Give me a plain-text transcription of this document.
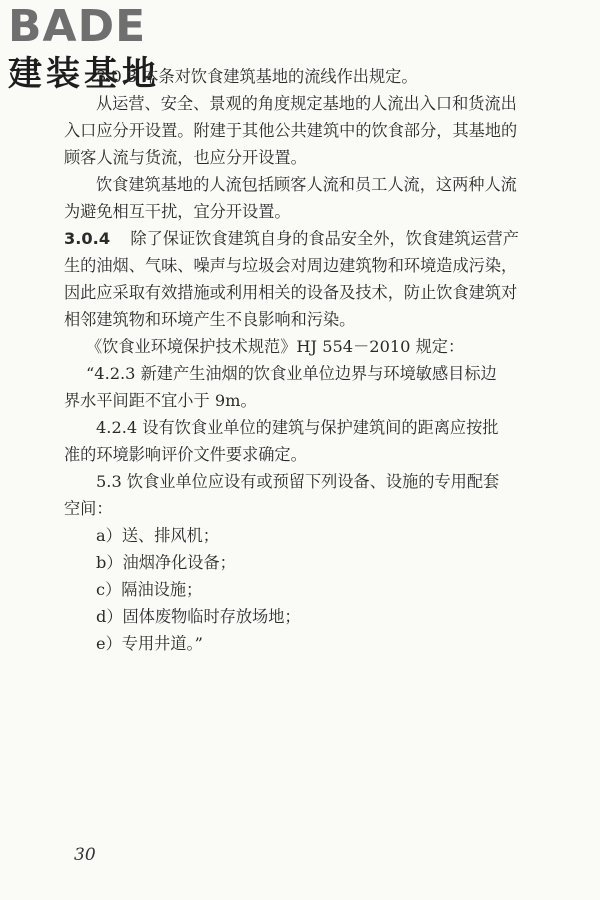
BADE
建装基地
3.0.3 本条对饮食建筑基地的流线作出规定。
从运营、安全、景观的角度规定基地的人流出入口和货流出
入口应分开设置。附建于其他公共建筑中的饮食部分，其基地的
顾客人流与货流，也应分开设置。
饮食建筑基地的人流包括顾客人流和员工人流，这两种人流
为避免相互干扰，宜分开设置。
3.0.4 除了保证饮食建筑自身的食品安全外，饮食建筑运营产
生的油烟、气味、噪声与垃圾会对周边建筑物和环境造成污染，
因此应采取有效措施或利用相关的设备及技术，防止饮食建筑对
相邻建筑物和环境产生不良影响和污染。
《饮食业环境保护技术规范》HJ 554－2010 规定：
“4.2.3 新建产生油烟的饮食业单位边界与环境敏感目标边
界水平间距不宜小于 9m。
4.2.4 设有饮食业单位的建筑与保护建筑间的距离应按批
准的环境影响评价文件要求确定。
5.3 饮食业单位应设有或预留下列设备、设施的专用配套
空间：
a）送、排风机；
b）油烟净化设备；
c）隔油设施；
d）固体废物临时存放场地；
e）专用井道。”
30
